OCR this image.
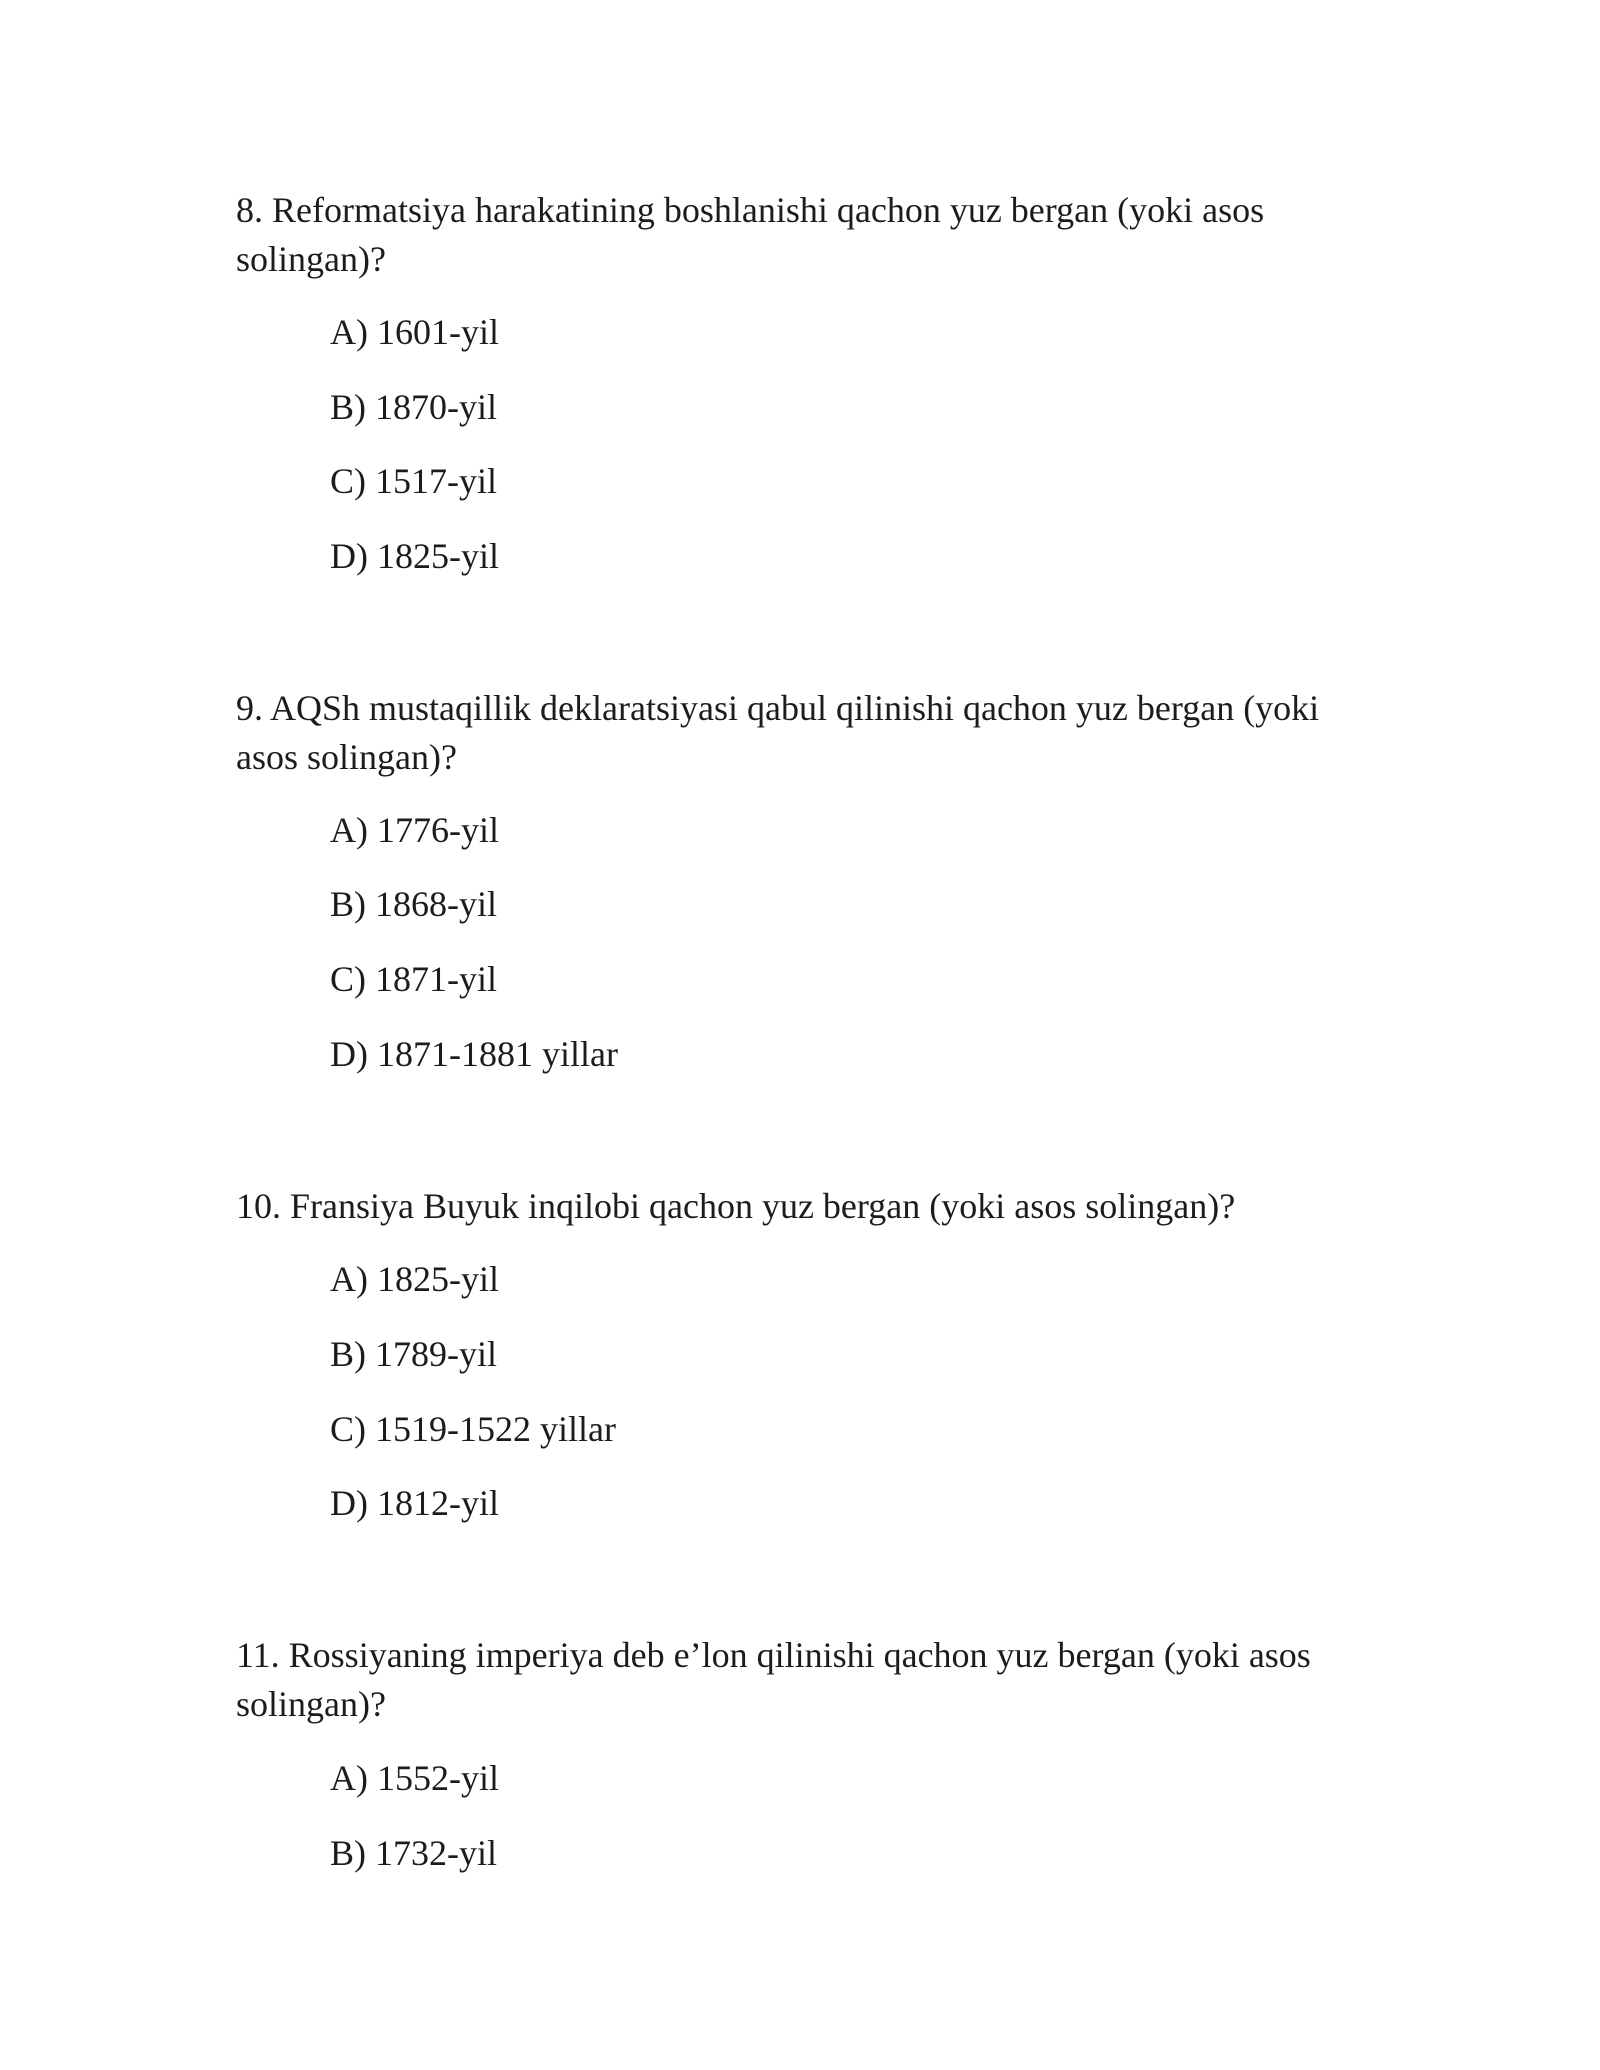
8. Reformatsiya harakatining boshlanishi qachon yuz bergan (yoki asos solingan)?

A) 1601-yil

B) 1870-yil

C) 1517-yil

D) 1825-yil

9. AQSh mustaqillik deklaratsiyasi qabul qilinishi qachon yuz bergan (yoki asos solingan)?

A) 1776-yil

B) 1868-yil

C) 1871-yil

D) 1871-1881 yillar

10. Fransiya Buyuk inqilobi qachon yuz bergan (yoki asos solingan)?

A) 1825-yil

B) 1789-yil

C) 1519-1522 yillar

D) 1812-yil

11. Rossiyaning imperiya deb e’lon qilinishi qachon yuz bergan (yoki asos solingan)?

A) 1552-yil

B) 1732-yil
